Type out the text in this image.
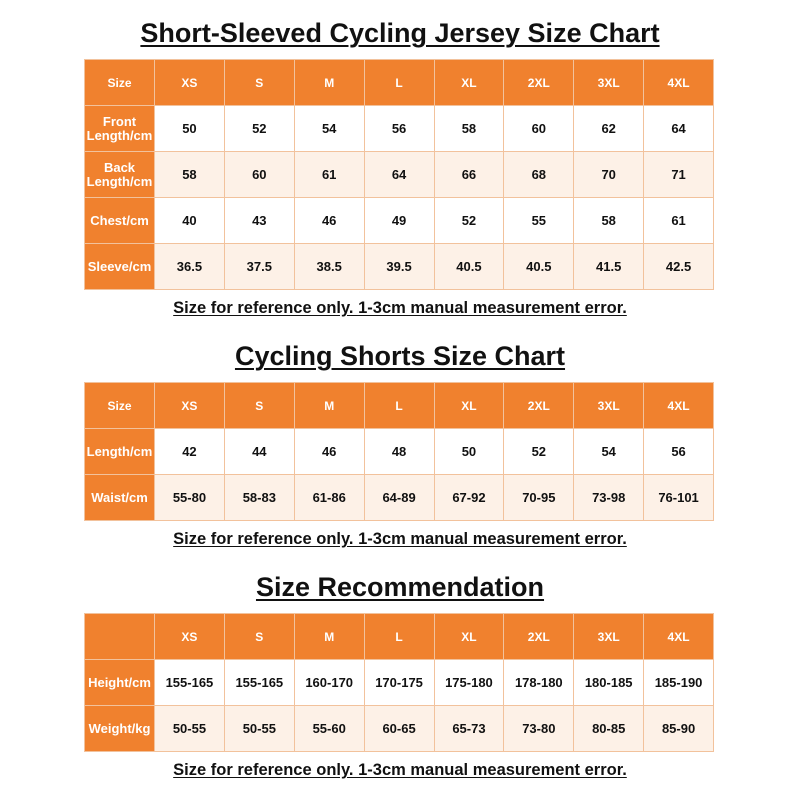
Short-Sleeved Cycling Jersey Size Chart
Size	XS	S	M	L	XL	2XL	3XL	4XL
Front Length/cm	50	52	54	56	58	60	62	64
Back Length/cm	58	60	61	64	66	68	70	71
Chest/cm	40	43	46	49	52	55	58	61
Sleeve/cm	36.5	37.5	38.5	39.5	40.5	40.5	41.5	42.5

Size for reference only. 1-3cm manual measurement error.

Cycling Shorts Size Chart
Size	XS	S	M	L	XL	2XL	3XL	4XL
Length/cm	42	44	46	48	50	52	54	56
Waist/cm	55-80	58-83	61-86	64-89	67-92	70-95	73-98	76-101

Size for reference only. 1-3cm manual measurement error.

Size Recommendation
	XS	S	M	L	XL	2XL	3XL	4XL
Height/cm	155-165	155-165	160-170	170-175	175-180	178-180	180-185	185-190
Weight/kg	50-55	50-55	55-60	60-65	65-73	73-80	80-85	85-90

Size for reference only. 1-3cm manual measurement error.
